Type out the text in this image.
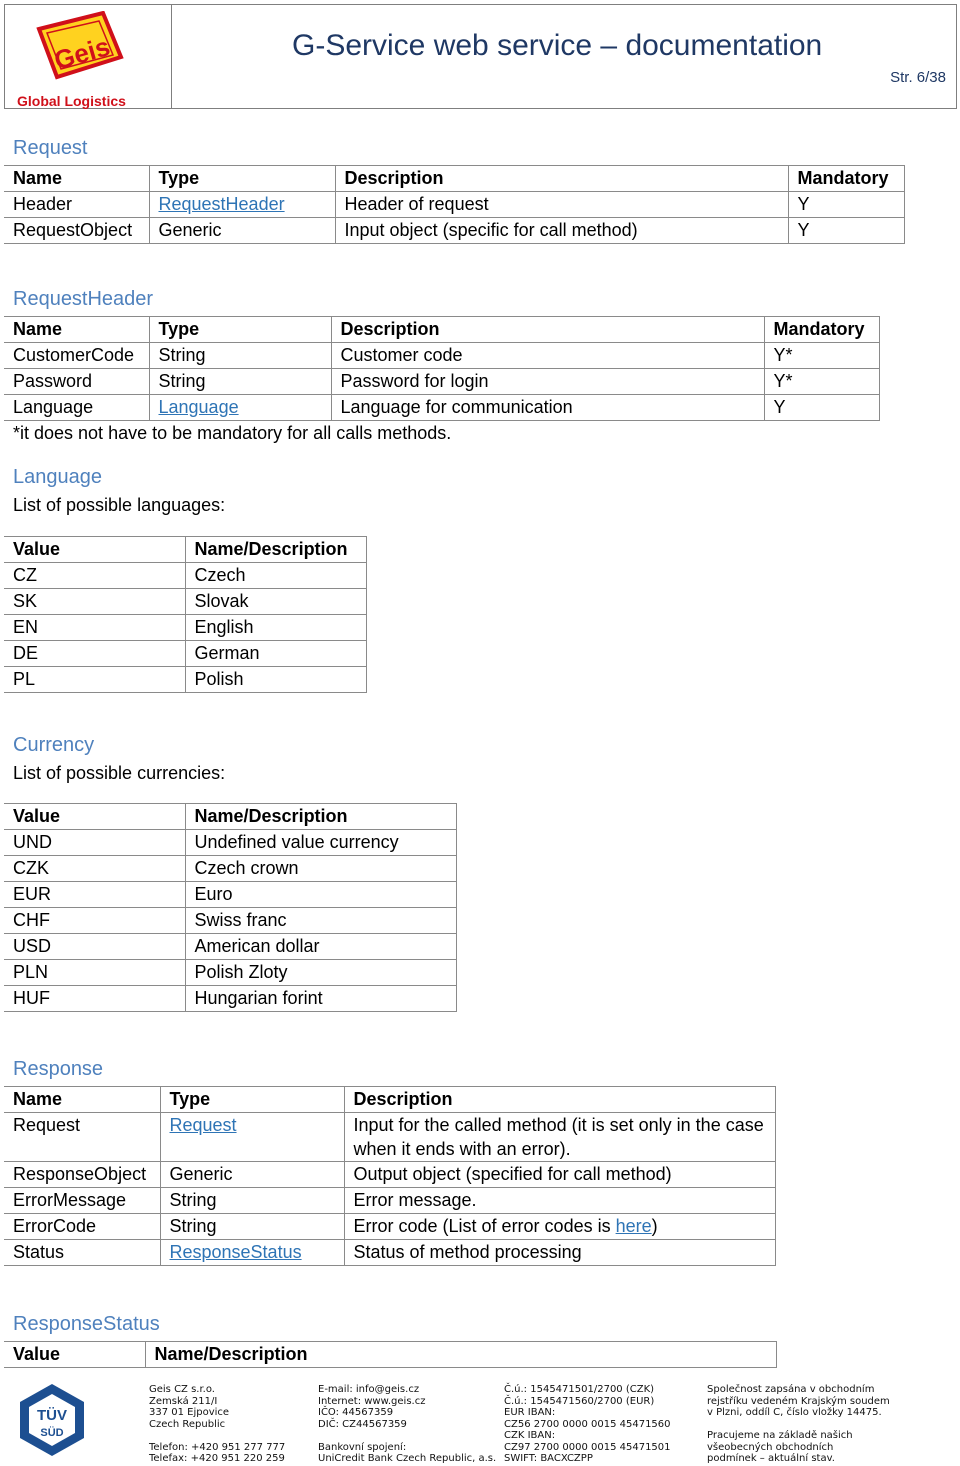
Geis
Global Logistics
G-Service web service – documentation
Str. 6/38
Request
Name	Type	Description	Mandatory
Header	RequestHeader	Header of request	Y
RequestObject	Generic	Input object (specific for call method)	Y
RequestHeader
Name	Type	Description	Mandatory
CustomerCode	String	Customer code	Y*
Password	String	Password for login	Y*
Language	Language	Language for communication	Y
*it does not have to be mandatory for all calls methods.
Language
List of possible languages:
Value	Name/Description
CZ	Czech
SK	Slovak
EN	English
DE	German
PL	Polish
Currency
List of possible currencies:
Value	Name/Description
UND	Undefined value currency
CZK	Czech crown
EUR	Euro
CHF	Swiss franc
USD	American dollar
PLN	Polish Zloty
HUF	Hungarian forint
Response
Name	Type	Description
Request	Request	Input for the called method (it is set only in the case when it ends with an error).
ResponseObject	Generic	Output object (specified for call method)
ErrorMessage	String	Error message.
ErrorCode	String	Error code (List of error codes is here)
Status	ResponseStatus	Status of method processing
ResponseStatus
Value	Name/Description
TÜV
SÜD
Geis CZ s.r.o.
Zemská 211/I
337 01 Ejpovice
Czech Republic
Telefon: +420 951 277 777
Telefax: +420 951 220 259
E-mail: info@geis.cz
Internet: www.geis.cz
IČO: 44567359
DIČ: CZ44567359
Bankovní spojení:
UniCredit Bank Czech Republic, a.s.
Č.ú.: 1545471501/2700 (CZK)
Č.ú.: 1545471560/2700 (EUR)
EUR IBAN:
CZ56 2700 0000 0015 45471560
CZK IBAN:
CZ97 2700 0000 0015 45471501
SWIFT: BACXCZPP
Společnost zapsána v obchodním
rejstříku vedeném Krajským soudem
v Plzni, oddíl C, číslo vložky 14475.
Pracujeme na základě našich
všeobecných obchodních
podmínek – aktuální stav.
